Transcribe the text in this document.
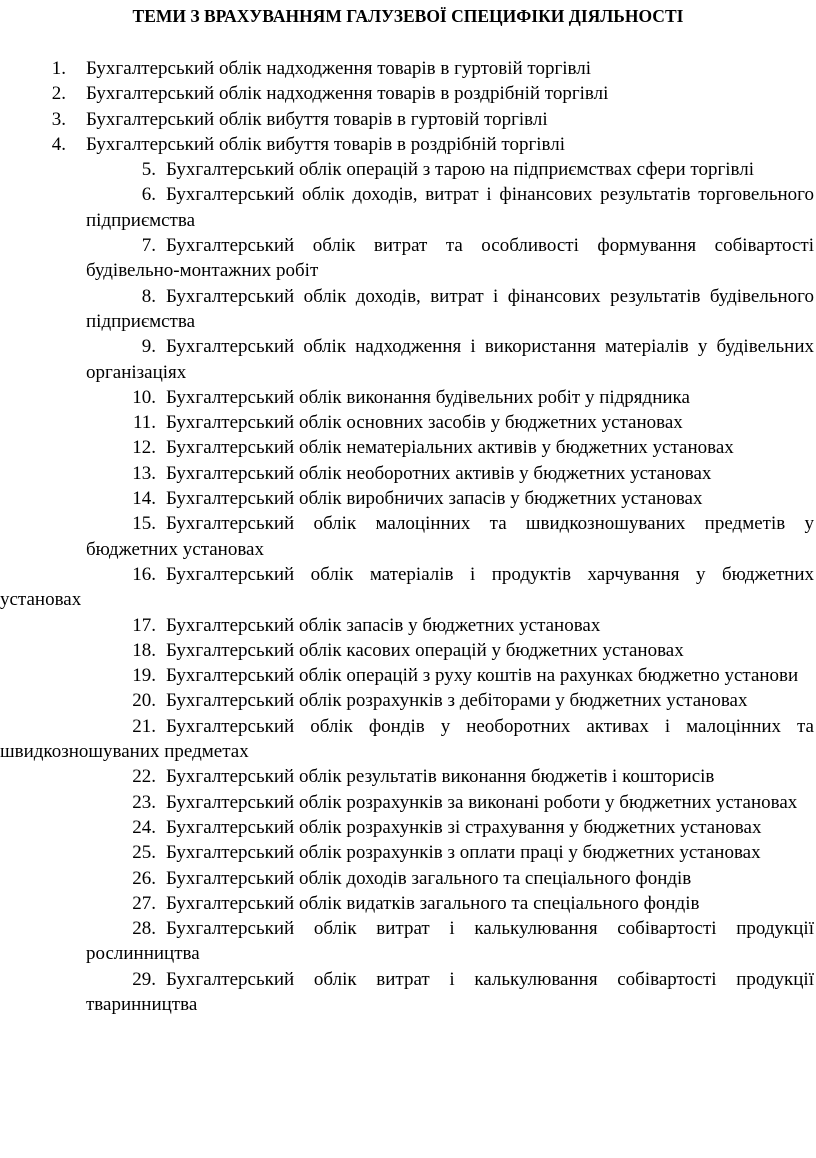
ТЕМИ З ВРАХУВАННЯМ ГАЛУЗЕВОЇ СПЕЦИФІКИ ДІЯЛЬНОСТІ
1. Бухгалтерський облік надходження товарів в гуртовій торгівлі
2. Бухгалтерський облік надходження товарів в роздрібній торгівлі
3. Бухгалтерський облік вибуття товарів в гуртовій торгівлі
4. Бухгалтерський облік вибуття товарів в роздрібній торгівлі
5. Бухгалтерський облік операцій з тарою на підприємствах сфери торгівлі
6. Бухгалтерський облік доходів, витрат і фінансових результатів торговельного підприємства
7. Бухгалтерський облік витрат та особливості формування собівартості будівельно-монтажних робіт
8. Бухгалтерський облік доходів, витрат і фінансових результатів будівельного підприємства
9. Бухгалтерський облік надходження і використання матеріалів у будівельних організаціях
10. Бухгалтерський облік виконання будівельних робіт у підрядника
11. Бухгалтерський облік основних засобів у бюджетних установах
12. Бухгалтерський облік нематеріальних активів у бюджетних установах
13. Бухгалтерський облік необоротних активів у бюджетних установах
14. Бухгалтерський облік виробничих запасів у бюджетних установах
15. Бухгалтерський облік малоцінних та швидкозношуваних предметів у бюджетних установах
16. Бухгалтерський облік матеріалів і продуктів харчування у бюджетних установах
17. Бухгалтерський облік запасів у бюджетних установах
18. Бухгалтерський облік касових операцій у бюджетних установах
19. Бухгалтерський облік операцій з руху коштів на рахунках бюджетно установи
20. Бухгалтерський облік розрахунків з дебіторами у бюджетних установах
21. Бухгалтерський облік фондів у необоротних активах і малоцінних та швидкозношуваних предметах
22. Бухгалтерський облік результатів виконання бюджетів і кошторисів
23. Бухгалтерський облік розрахунків за виконані роботи у бюджетних установах
24. Бухгалтерський облік розрахунків зі страхування у бюджетних установах
25. Бухгалтерський облік розрахунків з оплати праці у бюджетних установах
26. Бухгалтерський облік доходів загального та спеціального фондів
27. Бухгалтерський облік видатків загального та спеціального фондів
28. Бухгалтерський облік витрат і калькулювання собівартості продукції рослинництва
29. Бухгалтерський облік витрат і калькулювання собівартості продукції тваринництва
